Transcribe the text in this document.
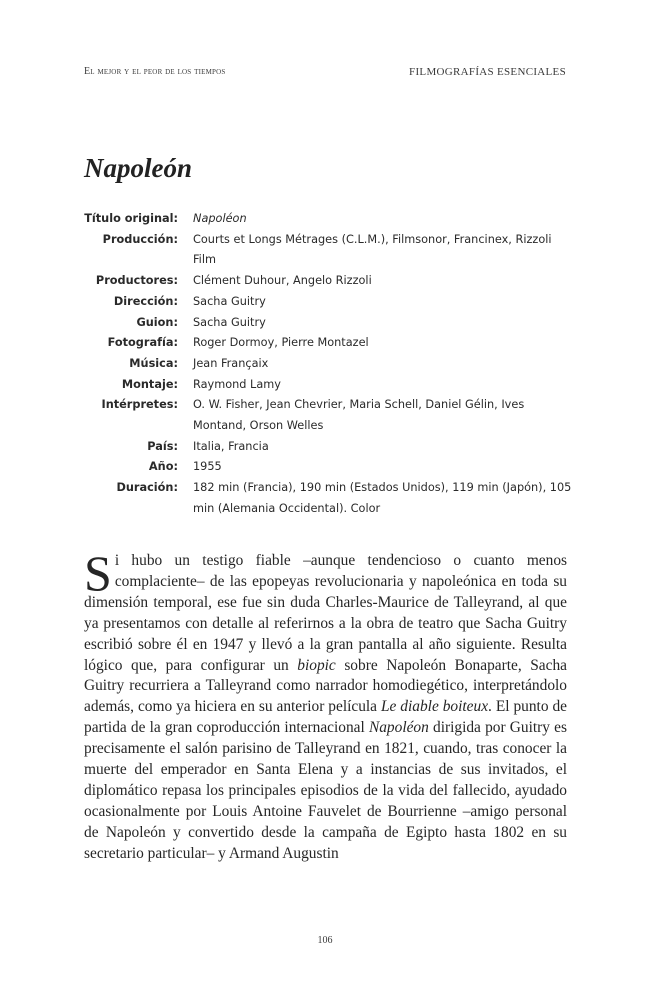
El mejor y el peor de los tiempos	FILMOGRAFÍAS ESENCIALES
Napoleón
Título original: Napoléon
Producción: Courts et Longs Métrages (C.L.M.), Filmsonor, Francinex, Rizzoli Film
Productores: Clément Duhour, Angelo Rizzoli
Dirección: Sacha Guitry
Guion: Sacha Guitry
Fotografía: Roger Dormoy, Pierre Montazel
Música: Jean Françaix
Montaje: Raymond Lamy
Intérpretes: O. W. Fisher, Jean Chevrier, Maria Schell, Daniel Gélin, Ives Montand, Orson Welles
País: Italia, Francia
Año: 1955
Duración: 182 min (Francia), 190 min (Estados Unidos), 119 min (Japón), 105 min (Alemania Occidental). Color

Si hubo un testigo fiable –aunque tendencioso o cuanto menos complaciente– de las epopeyas revolucionaria y napoleónica en toda su dimensión temporal, ese fue sin duda Charles-Maurice de Talleyrand, al que ya presentamos con detalle al referirnos a la obra de teatro que Sacha Guitry escribió sobre él en 1947 y llevó a la gran pantalla al año siguiente. Resulta lógico que, para configurar un biopic sobre Napoleón Bonaparte, Sacha Guitry recurriera a Talleyrand como narrador homodiegético, interpretándolo además, como ya hiciera en su anterior película Le diable boiteux. El punto de partida de la gran coproducción internacional Napoléon dirigida por Guitry es precisamente el salón parisino de Talleyrand en 1821, cuando, tras conocer la muerte del emperador en Santa Elena y a instancias de sus invitados, el diplomático repasa los principales episodios de la vida del fallecido, ayudado ocasionalmente por Louis Antoine Fauvelet de Bourrienne –amigo personal de Napoleón y convertido desde la campaña de Egipto hasta 1802 en su secretario particular– y Armand Augustin

106
